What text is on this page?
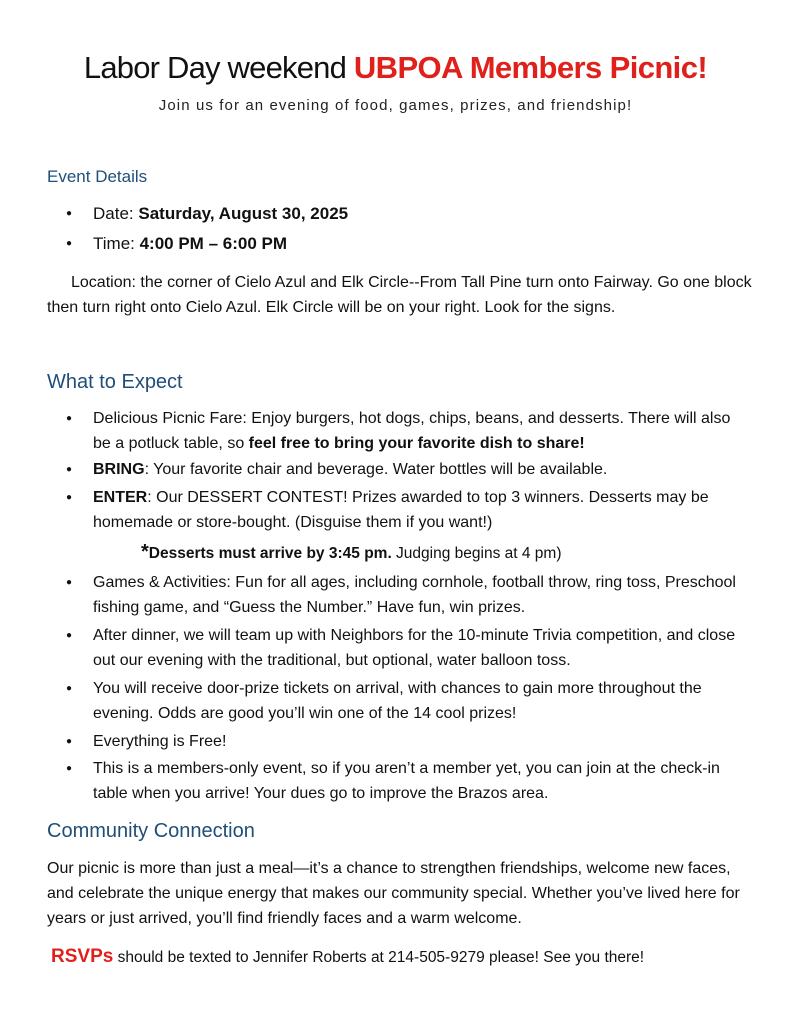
Labor Day weekend UBPOA Members Picnic!
Join us for an evening of food, games, prizes, and friendship!
Event Details
● Date: Saturday, August 30, 2025
● Time: 4:00 PM – 6:00 PM
Location: the corner of Cielo Azul and Elk Circle--From Tall Pine turn onto Fairway. Go one block then turn right onto Cielo Azul. Elk Circle will be on your right. Look for the signs.
What to Expect
● Delicious Picnic Fare: Enjoy burgers, hot dogs, chips, beans, and desserts. There will also be a potluck table, so feel free to bring your favorite dish to share!
● BRING: Your favorite chair and beverage. Water bottles will be available.
● ENTER: Our DESSERT CONTEST! Prizes awarded to top 3 winners. Desserts may be homemade or store-bought. (Disguise them if you want!)
*Desserts must arrive by 3:45 pm. Judging begins at 4 pm)
● Games & Activities: Fun for all ages, including cornhole, football throw, ring toss, Preschool fishing game, and “Guess the Number.” Have fun, win prizes.
● After dinner, we will team up with Neighbors for the 10-minute Trivia competition, and close out our evening with the traditional, but optional, water balloon toss.
● You will receive door-prize tickets on arrival, with chances to gain more throughout the evening. Odds are good you’ll win one of the 14 cool prizes!
● Everything is Free!
● This is a members-only event, so if you aren’t a member yet, you can join at the check-in table when you arrive! Your dues go to improve the Brazos area.
Community Connection
Our picnic is more than just a meal—it’s a chance to strengthen friendships, welcome new faces, and celebrate the unique energy that makes our community special. Whether you’ve lived here for years or just arrived, you’ll find friendly faces and a warm welcome.
RSVPs should be texted to Jennifer Roberts at 214-505-9279 please! See you there!
